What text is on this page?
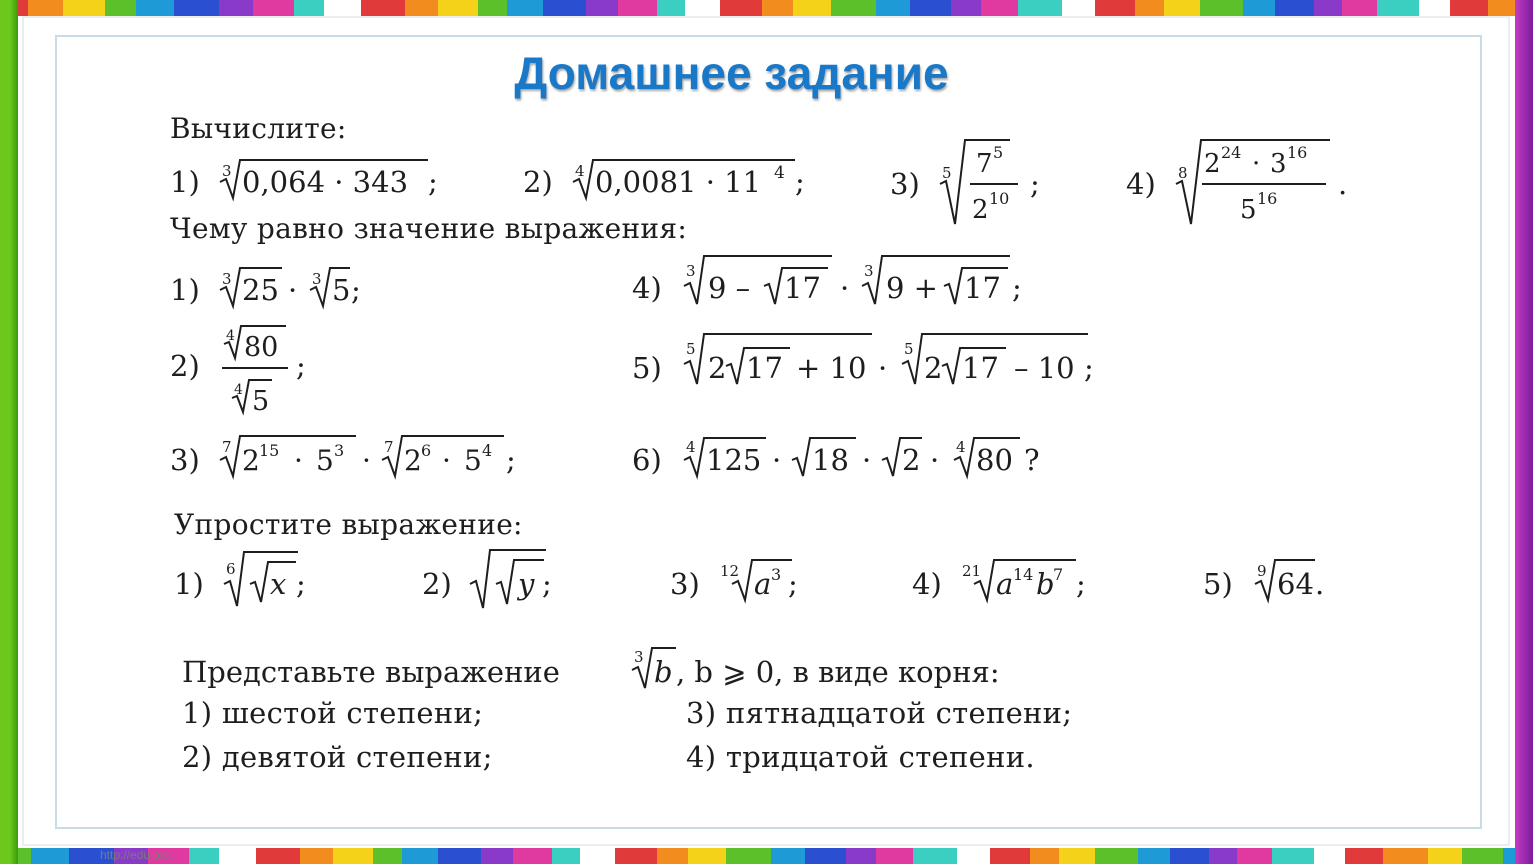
Домашнее задание

Вычислите:

1) 3 0,064 · 343 ;	2) 4 0,0081 · 11 4 ;	3) 5 7 5
2 10 ;	4) 8 2 24 · 3 16
5 16 .

Чему равно значение выражения:

1) 3 25 · 3 5 ;
2)
4 80
4 5
;
3) 7 2 15 · 5 3 · 7 2 6 · 5 4 ;
4) 3 9 – 17 · 3 9 + 17 ;
5)
5
2 17 + 10 ·
5
2 17 – 10 ;
6) 4 125 · 18 · 2 · 4 80 ?

Упростите выражение:

1) 6 x ;	2) y ;	3) 12 a 3 ;	4) 21 a 14 b
7 ;	5) 9 64 .
Представьте выражение	3 b , b ⩾ 0, в виде корня:

1) шестой степени;

2) девятой степени;

3) пятнадцатой степени;

4) тридцатой степени.

http://edu-tea
